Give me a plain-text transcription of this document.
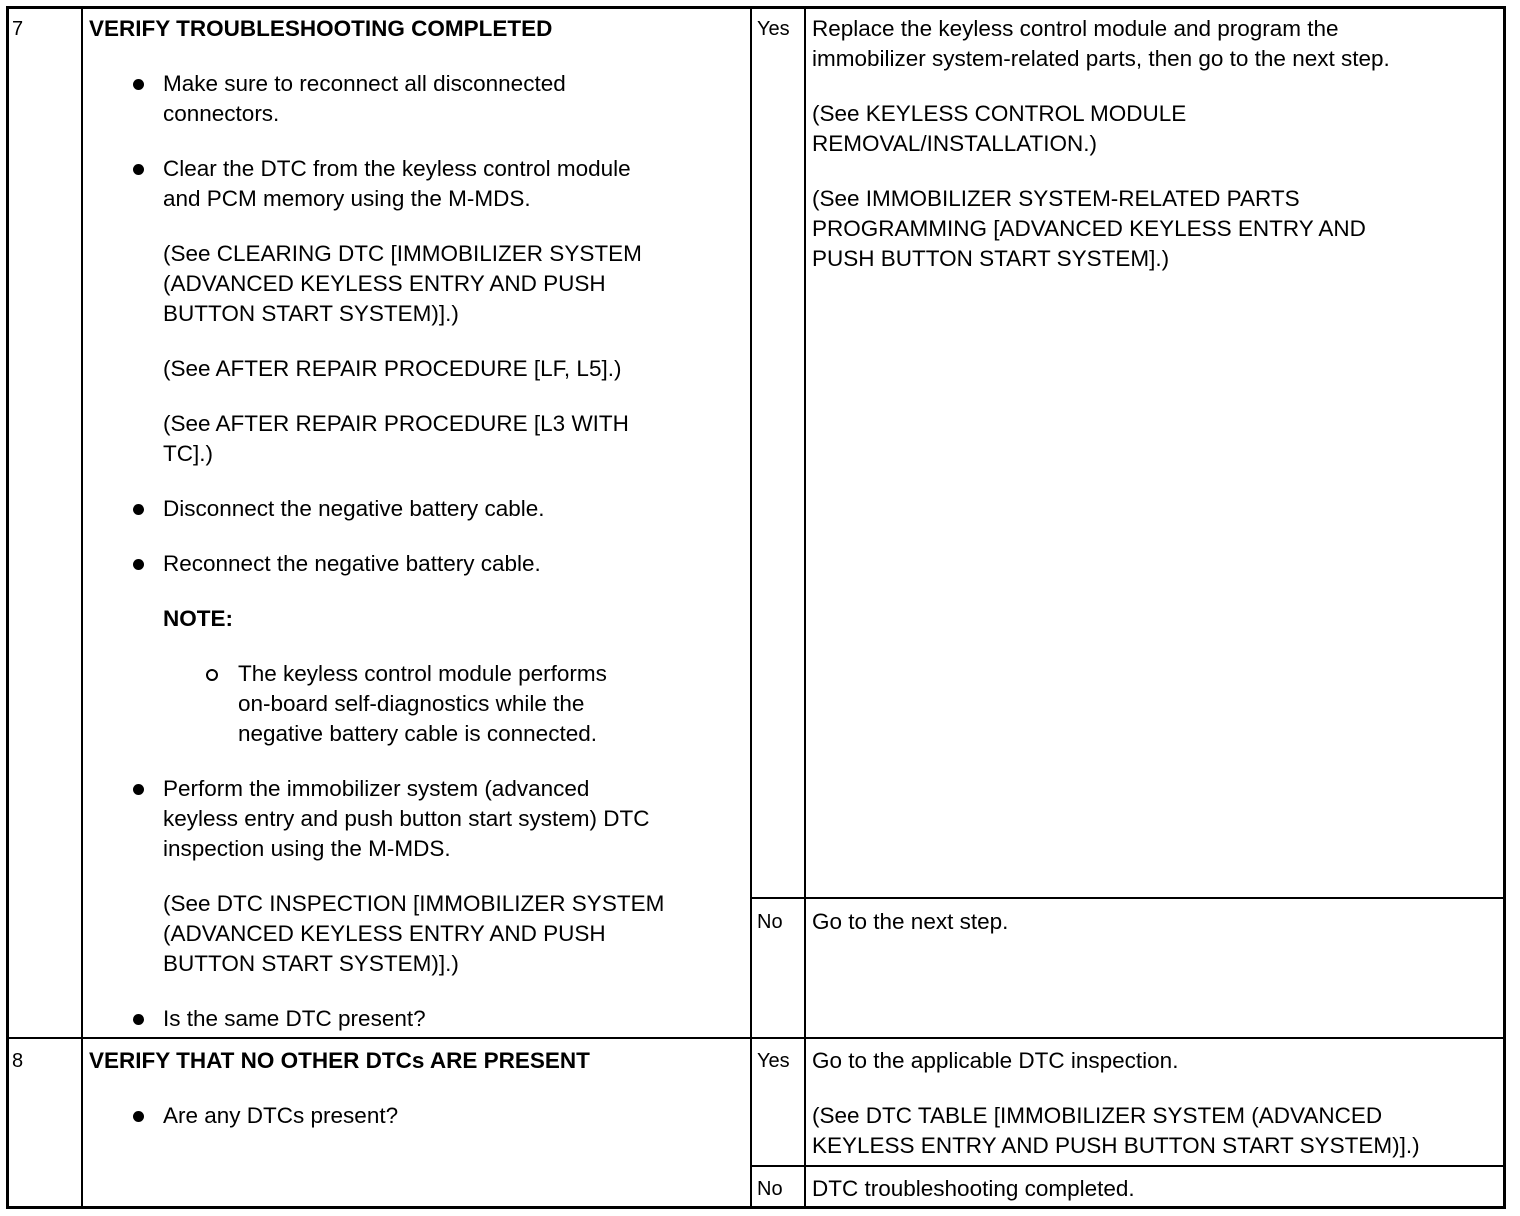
7	VERIFY TROUBLESHOOTING COMPLETED
Make sure to reconnect all disconnected
connectors.
Clear the DTC from the keyless control module
and PCM memory using the M-MDS.
(See CLEARING DTC [IMMOBILIZER SYSTEM
(ADVANCED KEYLESS ENTRY AND PUSH
BUTTON START SYSTEM)].)
(See AFTER REPAIR PROCEDURE [LF, L5].)
(See AFTER REPAIR PROCEDURE [L3 WITH
TC].)
Disconnect the negative battery cable.
Reconnect the negative battery cable.
NOTE:
The keyless control module performs
on-board self-diagnostics while the
negative battery cable is connected.
Perform the immobilizer system (advanced
keyless entry and push button start system) DTC
inspection using the M-MDS.
(See DTC INSPECTION [IMMOBILIZER SYSTEM
(ADVANCED KEYLESS ENTRY AND PUSH
BUTTON START SYSTEM)].)
Is the same DTC present?
Yes Replace the keyless control module and program the
immobilizer system-related parts, then go to the next step.
(See KEYLESS CONTROL MODULE
REMOVAL/INSTALLATION.)
(See IMMOBILIZER SYSTEM-RELATED PARTS
PROGRAMMING [ADVANCED KEYLESS ENTRY AND
PUSH BUTTON START SYSTEM].)
No Go to the next step.
8	VERIFY THAT NO OTHER DTCs ARE PRESENT
Are any DTCs present?
Yes Go to the applicable DTC inspection.
(See DTC TABLE [IMMOBILIZER SYSTEM (ADVANCED
KEYLESS ENTRY AND PUSH BUTTON START SYSTEM)].)
No DTC troubleshooting completed.
